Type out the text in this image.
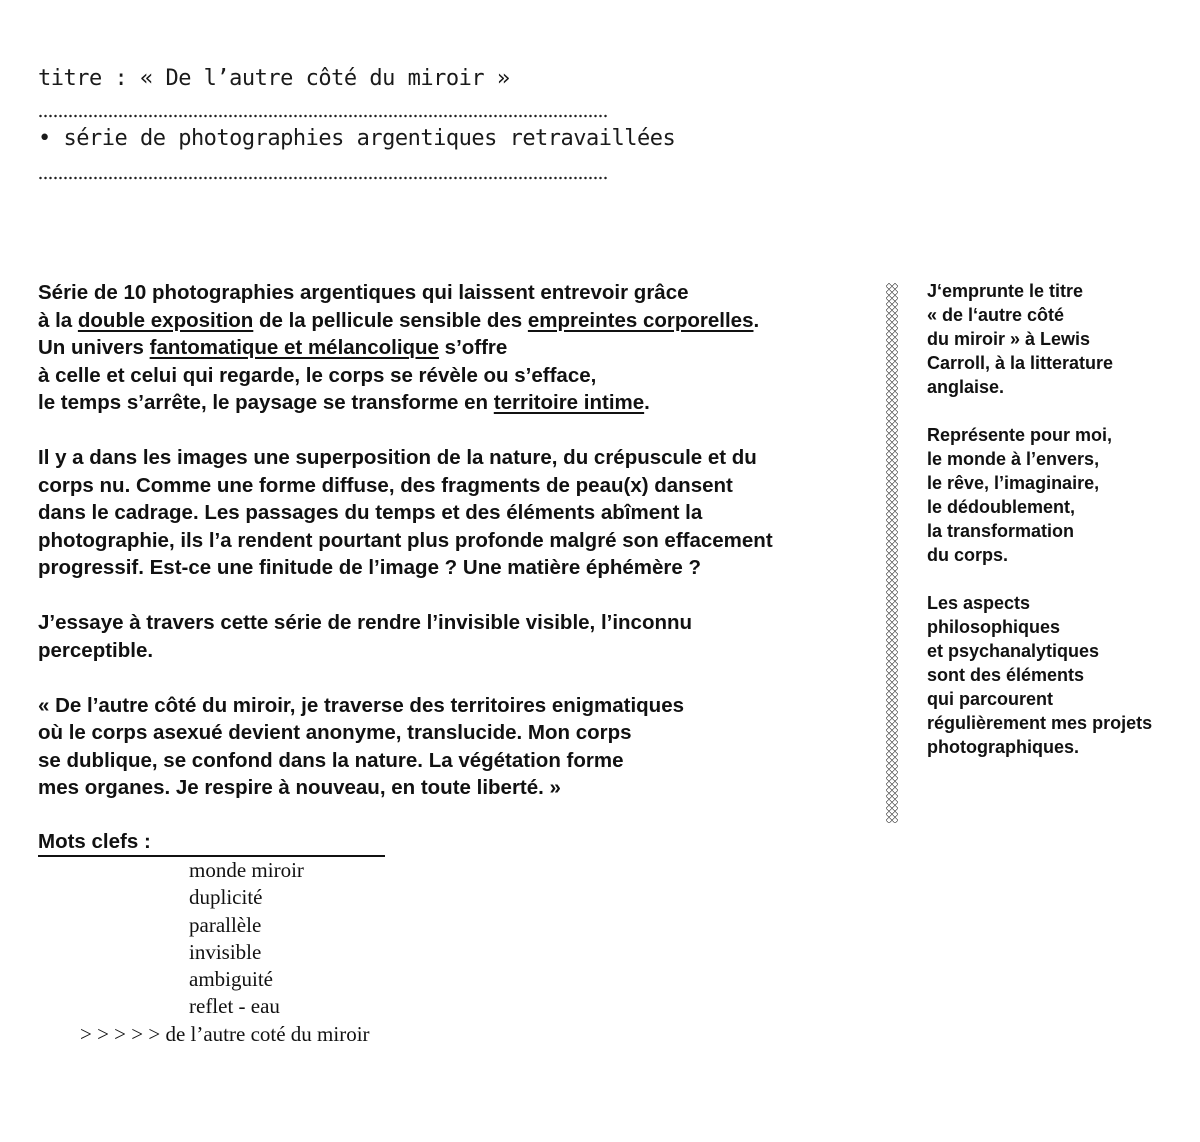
titre : « De l’autre côté du miroir »
• série de photographies argentiques retravaillées

Série de 10 photographies argentiques qui laissent entrevoir grâce
à la double exposition de la pellicule sensible des empreintes corporelles.
Un univers fantomatique et mélancolique s’offre
à celle et celui qui regarde, le corps se révèle ou s’efface,
le temps s’arrête, le paysage se transforme en territoire intime.

Il y a dans les images une superposition de la nature, du crépuscule et du
corps nu. Comme une forme diffuse, des fragments de peau(x) dansent
dans le cadrage. Les passages du temps et des éléments abîment la
photographie, ils l’a rendent pourtant plus profonde malgré son effacement
progressif. Est-ce une finitude de l’image ? Une matière éphémère ?

J’essaye à travers cette série de rendre l’invisible visible, l’inconnu
perceptible.

« De l’autre côté du miroir, je traverse des territoires enigmatiques
où le corps asexué devient anonyme, translucide. Mon corps
se dublique, se confond dans la nature. La végétation forme
mes organes. Je respire à nouveau, en toute liberté. »

J‘emprunte le titre
« de l‘autre côté
du miroir » à Lewis
Carroll, à la litterature
anglaise.

Représente pour moi,
le monde à l’envers,
le rêve, l’imaginaire,
le dédoublement,
la transformation
du corps.

Les aspects
philosophiques
et psychanalytiques
sont des éléments
qui parcourent
régulièrement mes projets
photographiques.

Mots clefs :
monde miroir
duplicité
parallèle
invisible
ambiguité
reflet - eau
> > > > > de l’autre coté du miroir
